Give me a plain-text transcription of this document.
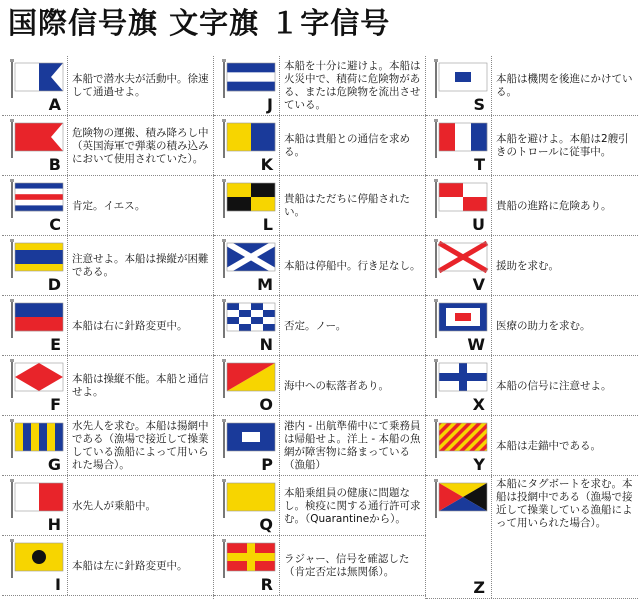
国際信号旗 文字旗 １字信号
A
本船で潜水夫が活動中。徐速して通過せよ。
B
危険物の運搬、積み降ろし中　（英国海軍で弾薬の積み込みにおいて使用されていた）。
C
肯定。イエス。
D
注意せよ。本船は操縦が困難である。
E
本船は右に針路変更中。
F
本船は操縦不能。本船と通信せよ。
G
水先人を求む。本船は揚網中である（漁場で接近して操業している漁船によって用いられた場合）。
H
水先人が乗船中。
I
本船は左に針路変更中。
J
本船を十分に避けよ。本船は火災中で、積荷に危険物がある、または危険物を流出させている。
K
本船は貴船との通信を求める。
L
貴船はただちに停船されたい。
M
本船は停船中。行き足なし。
N
否定。ノー。
O
海中への転落者あり。
P
港内 - 出航準備中にて乗務員は帰船せよ。洋上 - 本船の魚網が障害物に絡まっている（漁船）
Q
本船乗組員の健康に問題なし。検疫に関する通行許可求む。（Quarantineから）。
R
ラジャー、信号を確認した（肯定否定は無関係）。
S
本船は機関を後進にかけている。
T
本船を避けよ。本船は2艘引きのトロールに従事中。
U
貴船の進路に危険あり。
V
援助を求む。
W
医療の助力を求む。
X
本船の信号に注意せよ。
Y
本船は走錨中である。
Z
本船にタグボートを求む。本船は投網中である（漁場で接近して操業している漁船によって用いられた場合）。
